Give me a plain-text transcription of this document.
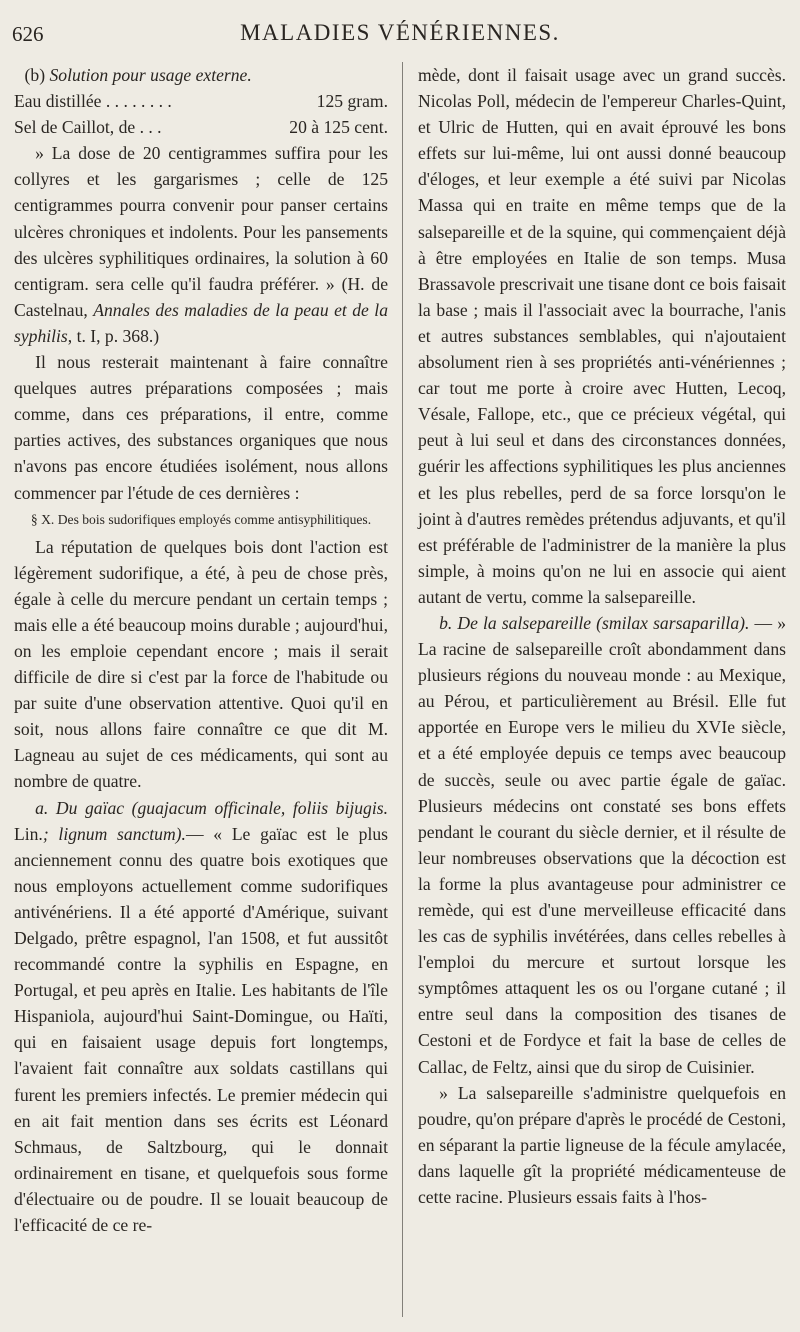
626	MALADIES VÉNÉRIENNES.

(b) Solution pour usage externe.

Eau distillée . . . . . . . .	125 gram.
Sel de Caillot, de . . .	20 à 125 cent.

» La dose de 20 centigrammes suffira pour les collyres et les gargarismes ; celle de 125 centigrammes pourra convenir pour panser certains ulcères chroniques et indolents. Pour les pansements des ulcères syphilitiques ordinaires, la solution à 60 centigram. sera celle qu'il faudra préférer. » (H. de Castelnau, Annales des maladies de la peau et de la syphilis, t. I, p. 368.)

Il nous resterait maintenant à faire connaître quelques autres préparations composées ; mais comme, dans ces préparations, il entre, comme parties actives, des substances organiques que nous n'avons pas encore étudiées isolément, nous allons commencer par l'étude de ces dernières :

§ X. Des bois sudorifiques employés comme antisyphilitiques.

La réputation de quelques bois dont l'action est légèrement sudorifique, a été, à peu de chose près, égale à celle du mercure pendant un certain temps ; mais elle a été beaucoup moins durable ; aujourd'hui, on les emploie cependant encore ; mais il serait difficile de dire si c'est par la force de l'habitude ou par suite d'une observation attentive. Quoi qu'il en soit, nous allons faire connaître ce que dit M. Lagneau au sujet de ces médicaments, qui sont au nombre de quatre.

a. Du gaïac (guajacum officinale, foliis bijugis. Lin.; lignum sanctum).— « Le gaïac est le plus anciennement connu des quatre bois exotiques que nous employons actuellement comme sudorifiques antivénériens. Il a été apporté d'Amérique, suivant Delgado, prêtre espagnol, l'an 1508, et fut aussitôt recommandé contre la syphilis en Espagne, en Portugal, et peu après en Italie. Les habitants de l'île Hispaniola, aujourd'hui Saint-Domingue, ou Haïti, qui en faisaient usage depuis fort longtemps, l'avaient fait connaître aux soldats castillans qui furent les premiers infectés. Le premier médecin qui en ait fait mention dans ses écrits est Léonard Schmaus, de Saltzbourg, qui le donnait ordinairement en tisane, et quelquefois sous forme d'électuaire ou de poudre. Il se louait beaucoup de l'efficacité de ce re-

mède, dont il faisait usage avec un grand succès. Nicolas Poll, médecin de l'empereur Charles-Quint, et Ulric de Hutten, qui en avait éprouvé les bons effets sur lui-même, lui ont aussi donné beaucoup d'éloges, et leur exemple a été suivi par Nicolas Massa qui en traite en même temps que de la salsepareille et de la squine, qui commençaient déjà à être employées en Italie de son temps. Musa Brassavole prescrivait une tisane dont ce bois faisait la base ; mais il l'associait avec la bourrache, l'anis et autres substances semblables, qui n'ajoutaient absolument rien à ses propriétés anti-vénériennes ; car tout me porte à croire avec Hutten, Lecoq, Vésale, Fallope, etc., que ce précieux végétal, qui peut à lui seul et dans des circonstances données, guérir les affections syphilitiques les plus anciennes et les plus rebelles, perd de sa force lorsqu'on le joint à d'autres remèdes prétendus adjuvants, et qu'il est préférable de l'administrer de la manière la plus simple, à moins qu'on ne lui en associe qui aient autant de vertu, comme la salsepareille.

b. De la salsepareille (smilax sarsaparilla). — » La racine de salsepareille croît abondamment dans plusieurs régions du nouveau monde : au Mexique, au Pérou, et particulièrement au Brésil. Elle fut apportée en Europe vers le milieu du XVIe siècle, et a été employée depuis ce temps avec beaucoup de succès, seule ou avec partie égale de gaïac. Plusieurs médecins ont constaté ses bons effets pendant le courant du siècle dernier, et il résulte de leur nombreuses observations que la décoction est la forme la plus avantageuse pour administrer ce remède, qui est d'une merveilleuse efficacité dans les cas de syphilis invétérées, dans celles rebelles à l'emploi du mercure et surtout lorsque les symptômes attaquent les os ou l'organe cutané ; il entre seul dans la composition des tisanes de Cestoni et de Fordyce et fait la base de celles de Callac, de Feltz, ainsi que du sirop de Cuisinier.

» La salsepareille s'administre quelquefois en poudre, qu'on prépare d'après le procédé de Cestoni, en séparant la partie ligneuse de la fécule amylacée, dans laquelle gît la propriété médicamenteuse de cette racine. Plusieurs essais faits à l'hos-
